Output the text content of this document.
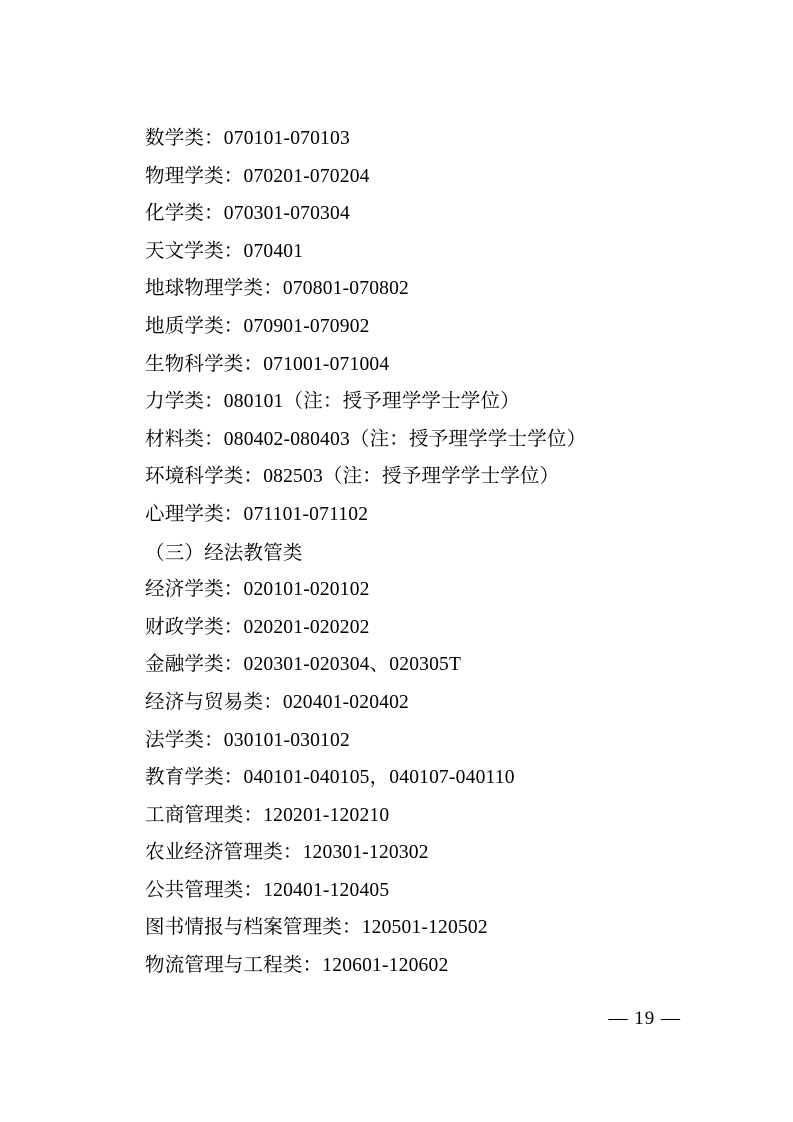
数学类：070101-070103
物理学类：070201-070204
化学类：070301-070304
天文学类：070401
地球物理学类：070801-070802
地质学类：070901-070902
生物科学类：071001-071004
力学类：080101（注：授予理学学士学位）
材料类：080402-080403（注：授予理学学士学位）
环境科学类：082503（注：授予理学学士学位）
心理学类：071101-071102
（三）经法教管类
经济学类：020101-020102
财政学类：020201-020202
金融学类：020301-020304、020305T
经济与贸易类：020401-020402
法学类：030101-030102
教育学类：040101-040105，040107-040110
工商管理类：120201-120210
农业经济管理类：120301-120302
公共管理类：120401-120405
图书情报与档案管理类：120501-120502
物流管理与工程类：120601-120602
— 19 —
